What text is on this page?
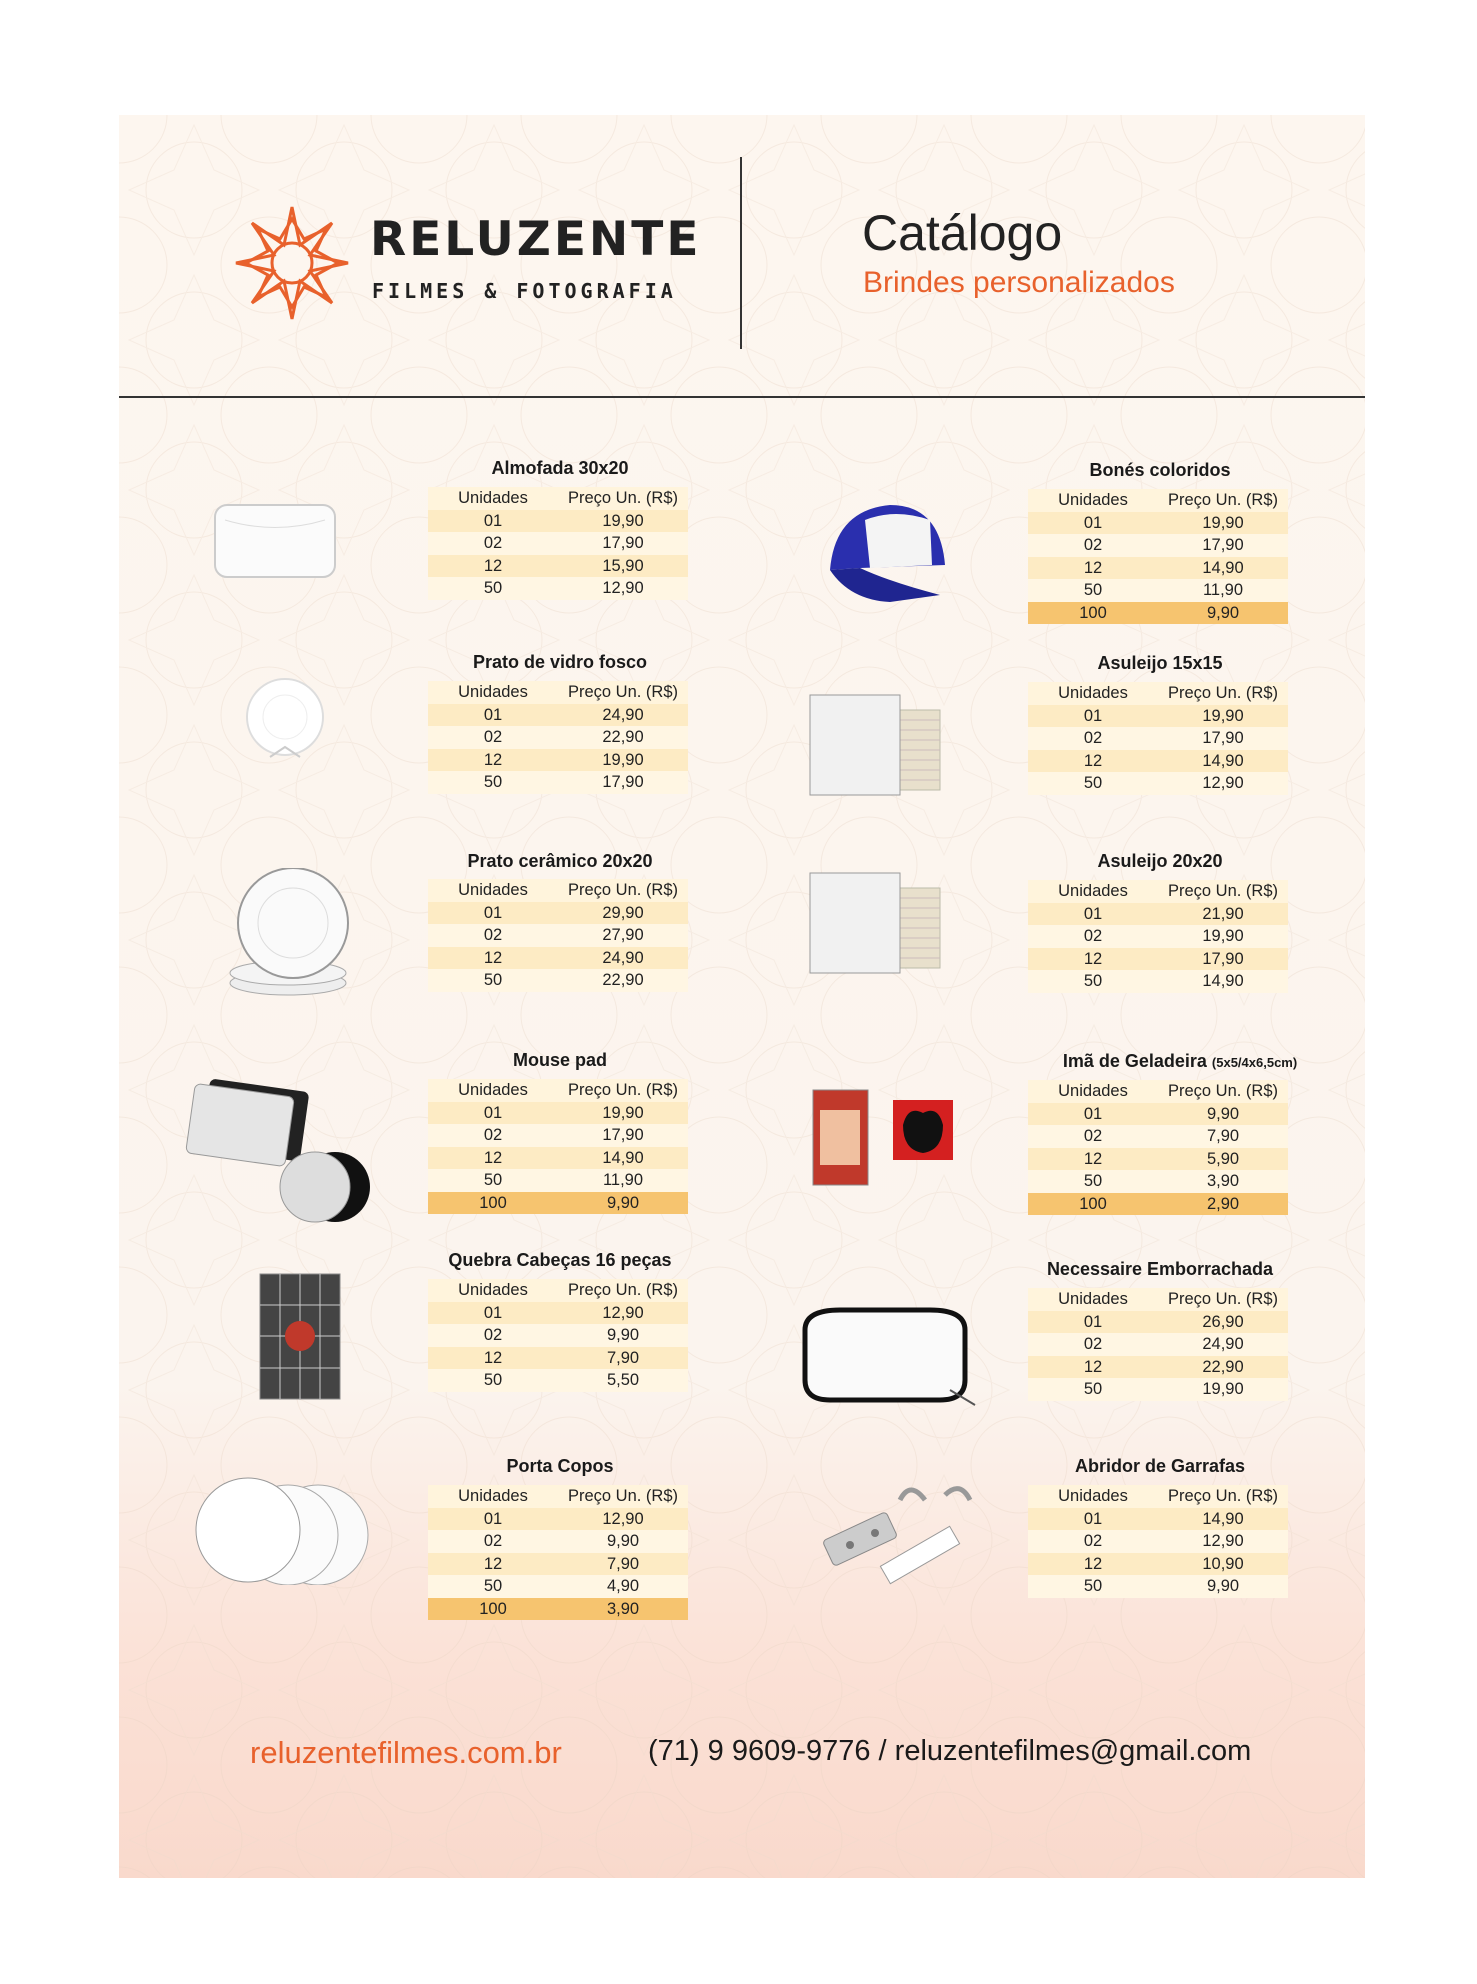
RELUZENTE
FILMES & FOTOGRAFIA
Catálogo
Brindes personalizados
Almofada 30x20
Unidades	Preço Un. (R$)
01	19,90
02	17,90
12	15,90
50	12,90
Bonés coloridos
Unidades	Preço Un. (R$)
01	19,90
02	17,90
12	14,90
50	11,90
100	9,90
Prato de vidro fosco
Unidades	Preço Un. (R$)
01	24,90
02	22,90
12	19,90
50	17,90
Asuleijo 15x15
Unidades	Preço Un. (R$)
01	19,90
02	17,90
12	14,90
50	12,90
Prato cerâmico 20x20
Unidades	Preço Un. (R$)
01	29,90
02	27,90
12	24,90
50	22,90
Asuleijo 20x20
Unidades	Preço Un. (R$)
01	21,90
02	19,90
12	17,90
50	14,90
Mouse pad
Unidades	Preço Un. (R$)
01	19,90
02	17,90
12	14,90
50	11,90
100	9,90
Imã de Geladeira (5x5/4x6,5cm)
Unidades	Preço Un. (R$)
01	9,90
02	7,90
12	5,90
50	3,90
100	2,90
Quebra Cabeças 16 peças
Unidades	Preço Un. (R$)
01	12,90
02	9,90
12	7,90
50	5,50
Necessaire Emborrachada
Unidades	Preço Un. (R$)
01	26,90
02	24,90
12	22,90
50	19,90
Porta Copos
Unidades	Preço Un. (R$)
01	12,90
02	9,90
12	7,90
50	4,90
100	3,90
Abridor de Garrafas
Unidades	Preço Un. (R$)
01	14,90
02	12,90
12	10,90
50	9,90
reluzentefilmes.com.br	(71) 9 9609-9776 / reluzentefilmes@gmail.com
